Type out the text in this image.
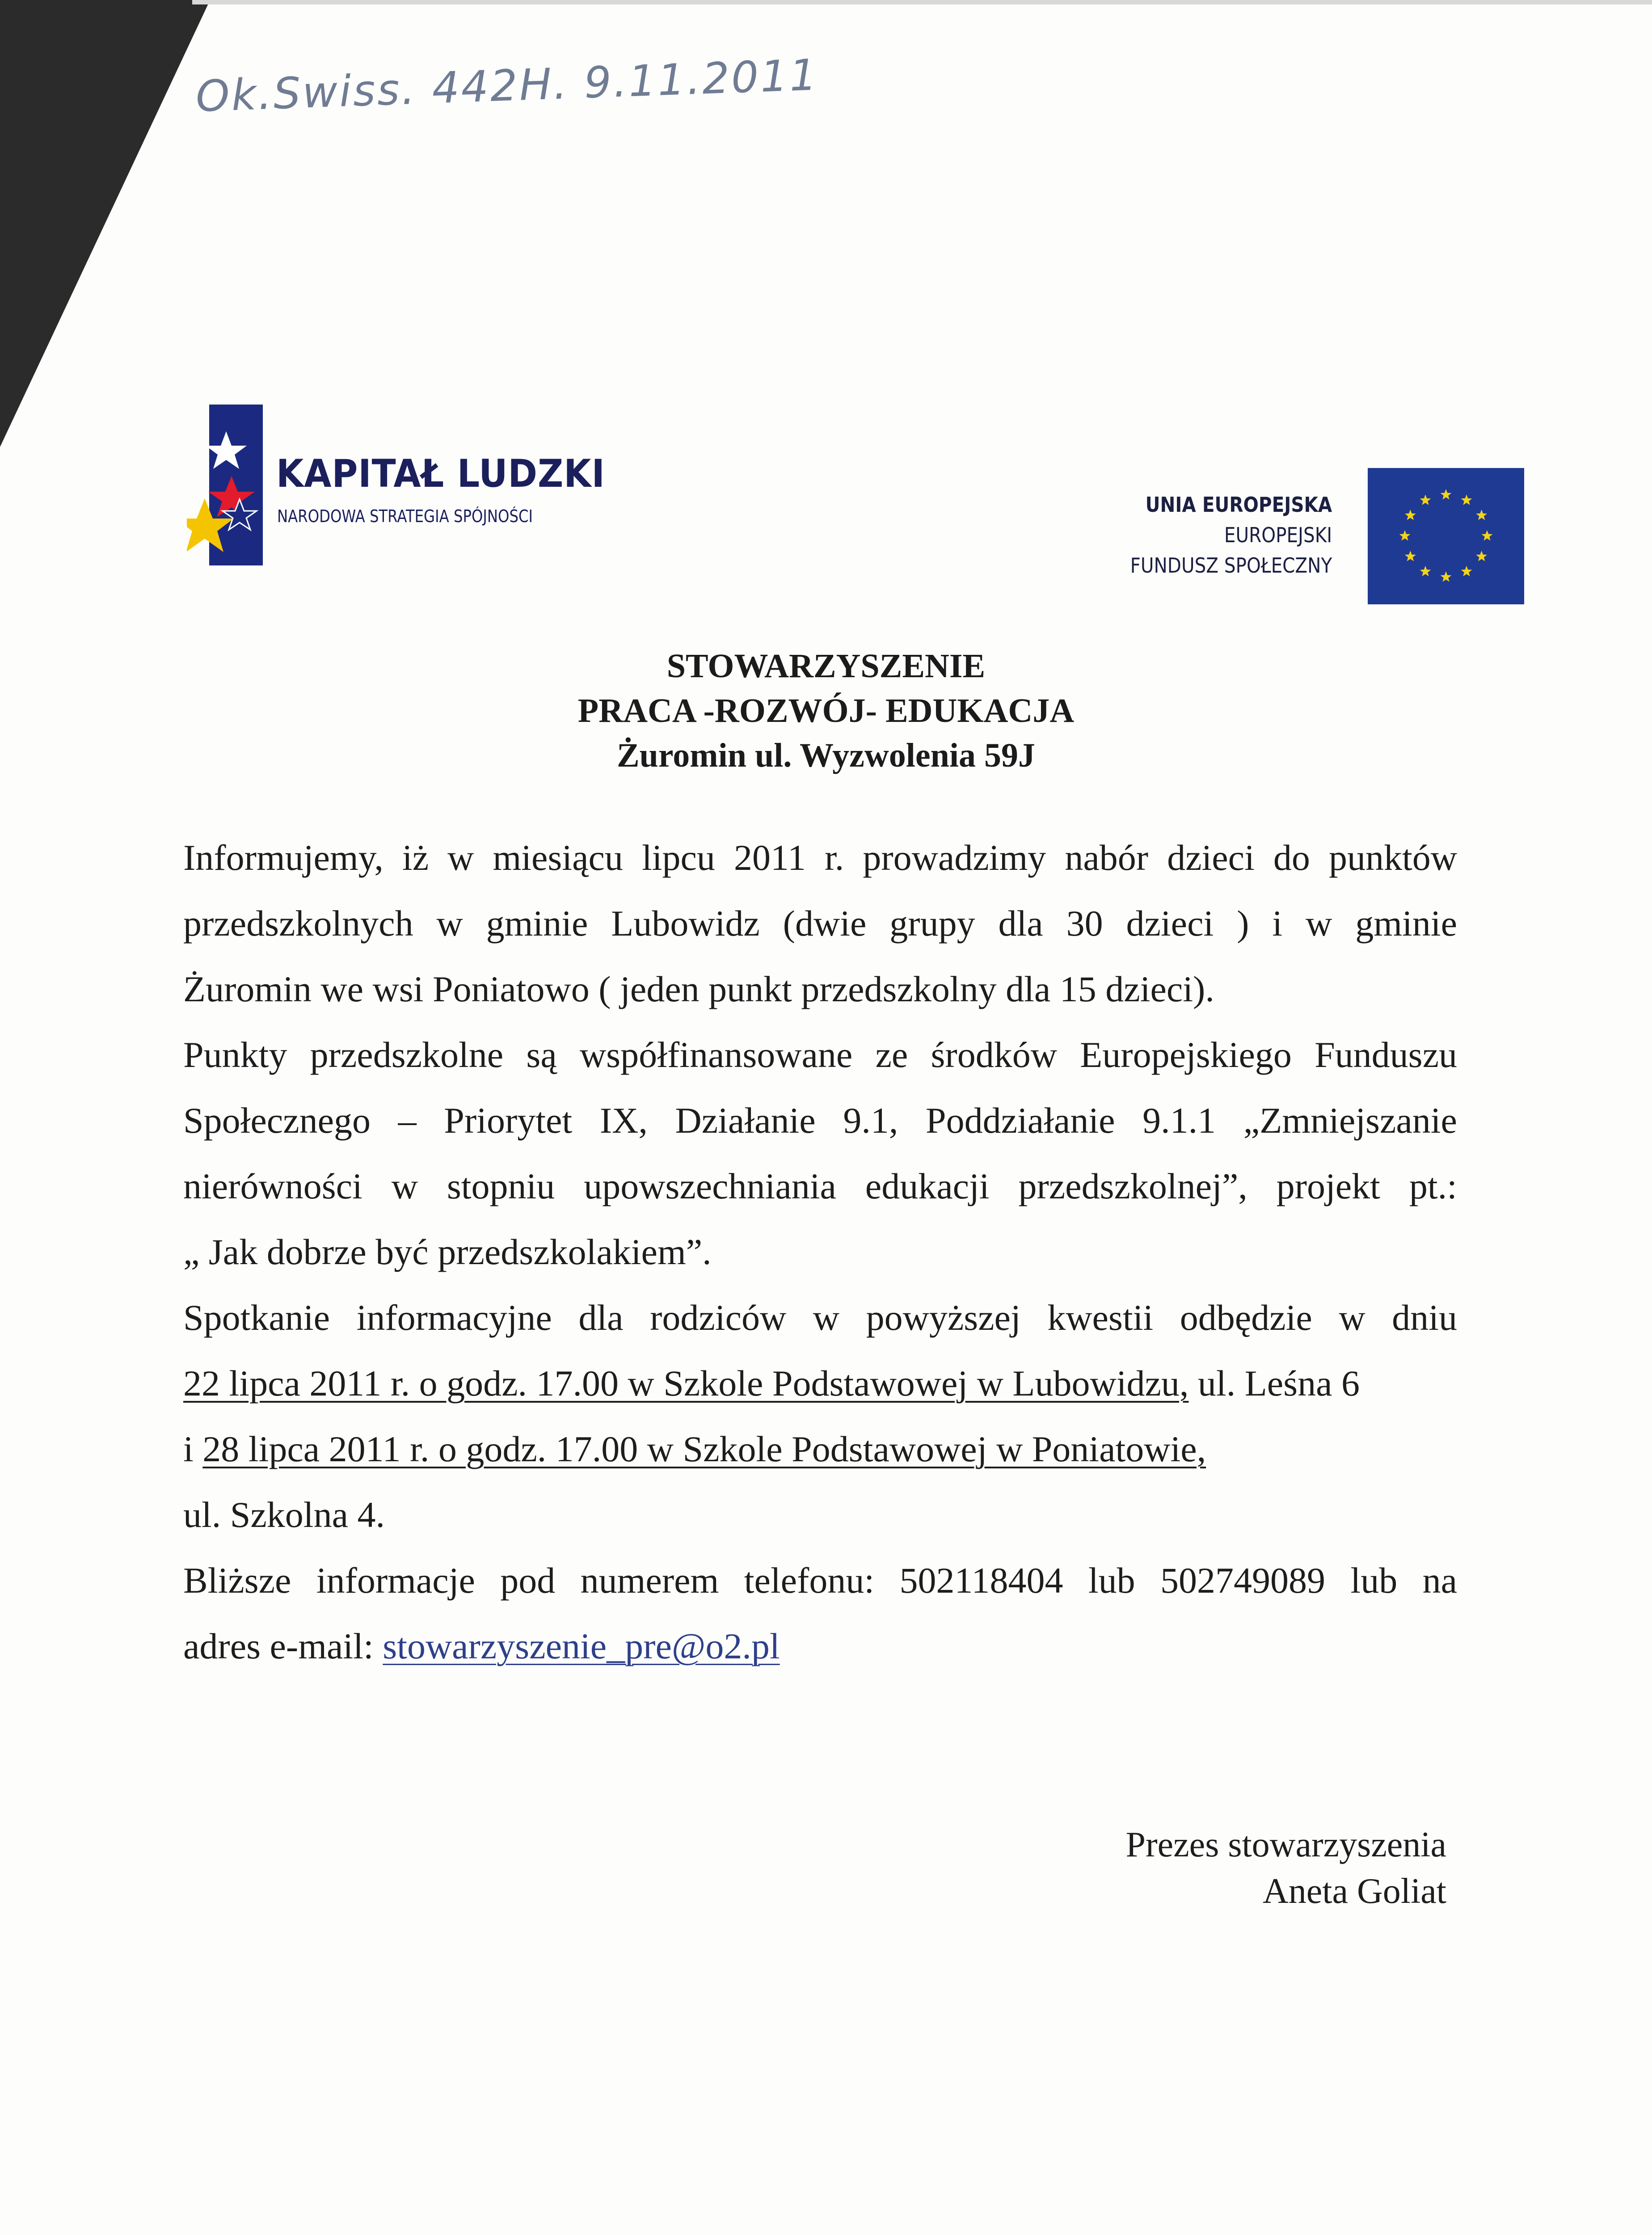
Ok.Swiss. 442H. 9.11.2011
KAPITAŁ LUDZKI
NARODOWA STRATEGIA SPÓJNOŚCI	UNIA EUROPEJSKA
EUROPEJSKI
FUNDUSZ SPOŁECZNY
STOWARZYSZENIE
PRACA -ROZWÓJ- EDUKACJA
Żuromin ul. Wyzwolenia 59J
Informujemy, iż w miesiącu lipcu 2011 r. prowadzimy nabór dzieci do punktów
przedszkolnych w gminie Lubowidz (dwie grupy dla 30 dzieci ) i w gminie
Żuromin we wsi Poniatowo ( jeden punkt przedszkolny dla 15 dzieci).
Punkty przedszkolne są współfinansowane ze środków Europejskiego Funduszu
Społecznego – Priorytet IX, Działanie 9.1, Poddziałanie 9.1.1 „Zmniejszanie
nierówności w stopniu upowszechniania edukacji przedszkolnej”, projekt pt.:
„ Jak dobrze być przedszkolakiem”.
Spotkanie informacyjne dla rodziców w powyższej kwestii odbędzie w dniu
22 lipca 2011 r. o godz. 17.00 w Szkole Podstawowej w Lubowidzu, ul. Leśna 6
i 28 lipca 2011 r. o godz. 17.00 w Szkole Podstawowej w Poniatowie,
ul. Szkolna 4.
Bliższe informacje pod numerem telefonu: 502118404 lub 502749089 lub na
adres e-mail: stowarzyszenie_pre@o2.pl
Prezes stowarzyszenia
Aneta Goliat
